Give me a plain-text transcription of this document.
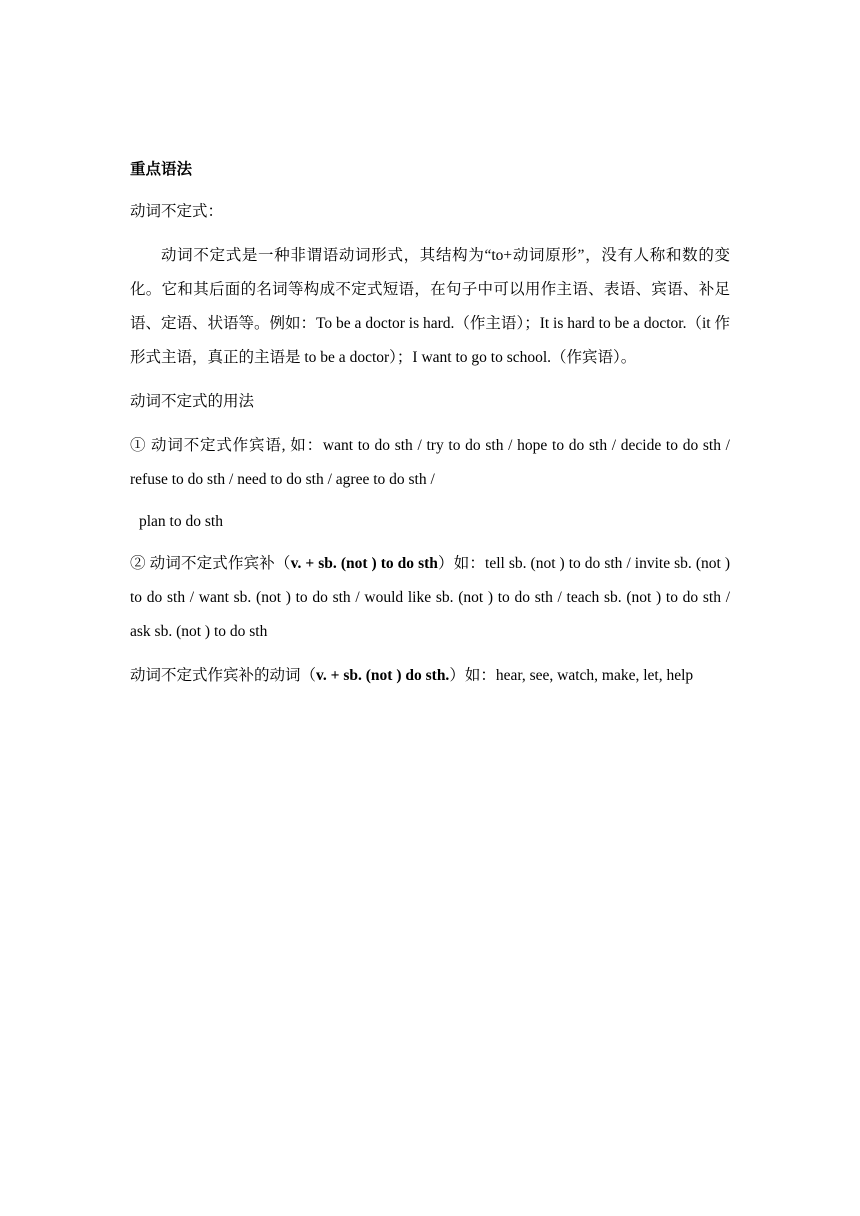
重点语法
动词不定式：
动词不定式是一种非谓语动词形式，其结构为“to+动词原形”，没有人称和数的变化。它和其后面的名词等构成不定式短语，在句子中可以用作主语、表语、宾语、补足语、定语、状语等。例如：To be a doctor is hard.（作主语）；It is hard to be a doctor.（it 作形式主语，真正的主语是 to be a doctor）；I want to go to school.（作宾语）。
动词不定式的用法
① 动词不定式作宾语, 如：want to do sth / try to do sth / hope to do sth / decide to do sth / refuse to do sth / need to do sth / agree to do sth /
plan to do sth
② 动词不定式作宾补（v. + sb. (not ) to do sth）如：tell sb. (not ) to do sth / invite sb. (not ) to do sth / want sb. (not ) to do sth / would like sb. (not ) to do sth / teach sb. (not ) to do sth / ask sb. (not ) to do sth
动词不定式作宾补的动词（v. + sb. (not ) do sth.）如：hear, see, watch, make, let, help
